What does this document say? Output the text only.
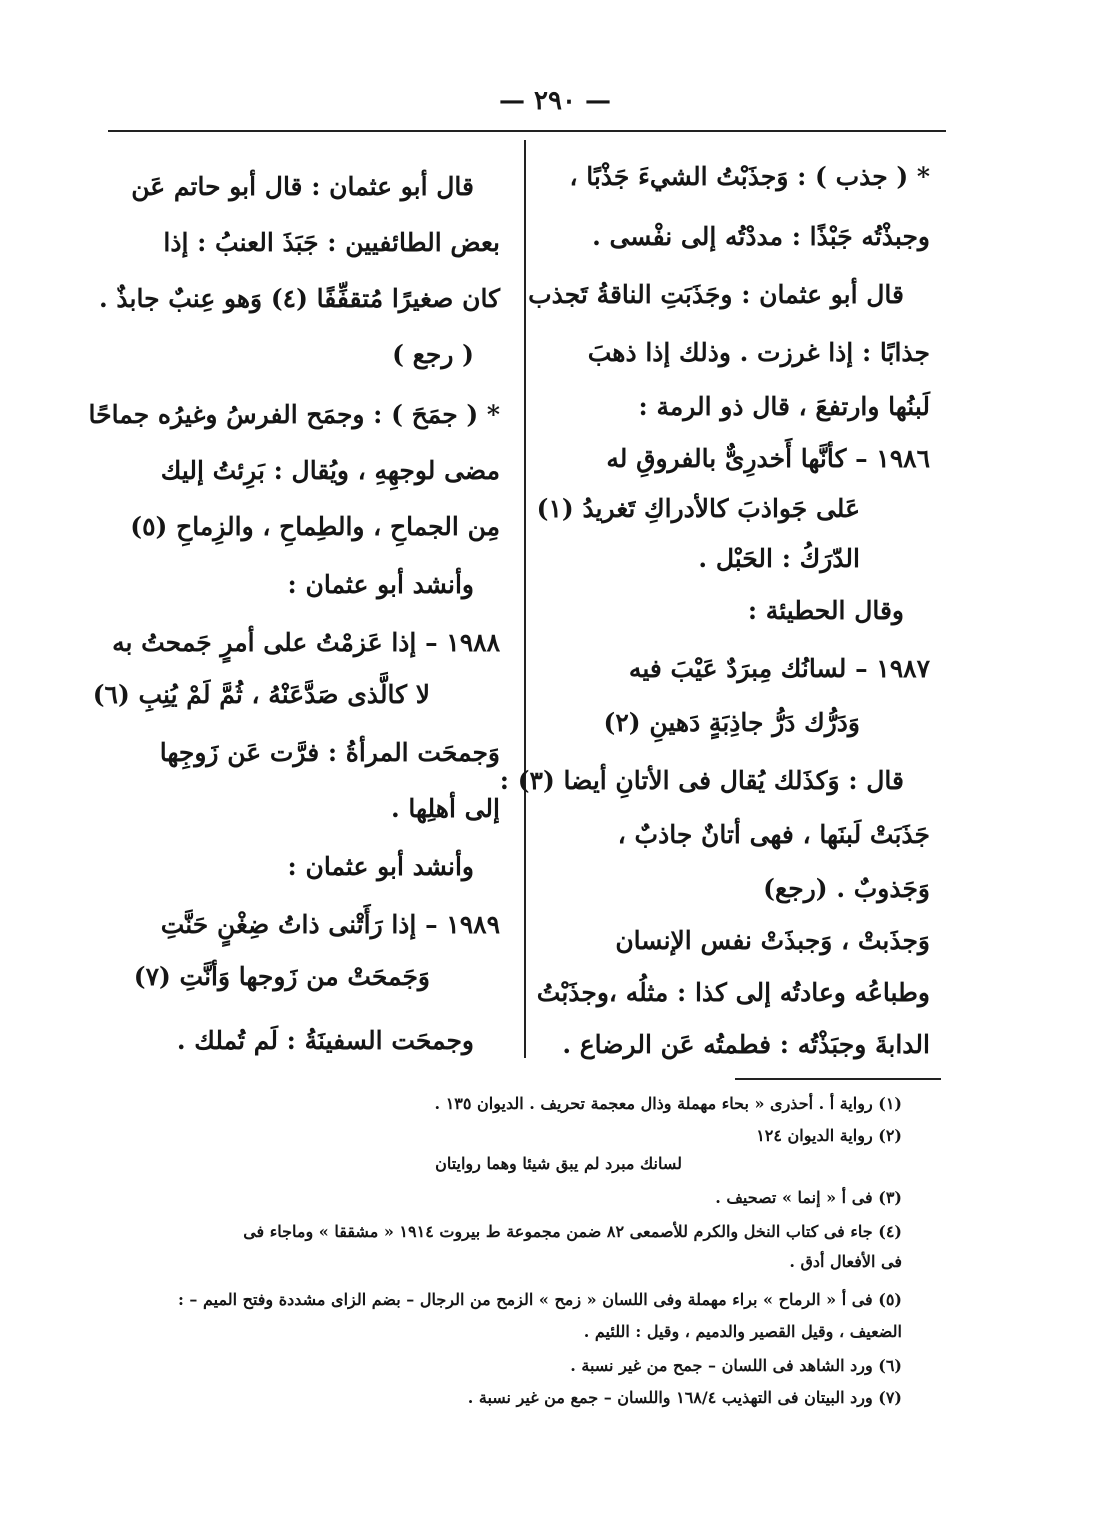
— ٢٩٠ —
* ( جذب ) : وَجذَبْتُ الشيءَ جَذْبًا ،
وجبذْتُه جَبْذًا : مددْتُه إلى نفْسى .
قال أبو عثمان : وجَذَبَتِ الناقةُ تَجذب
جذابًا : إذا غرزت . وذلك إذا ذهبَ
لَبنُها وارتفعَ ، قال ذو الرمة :
١٩٨٦ – كأنَّها أَخدرِىٌّ بالفروقِ له
عَلى جَواذبَ كالأدراكِ تَغريدُ (١)
الدّرَكُ : الحَبْل .
وقال الحطيئة :
١٩٨٧ – لسانُك مِبرَدٌ عَيْبَ فيه
وَدَرُّك دَرُّ جاذِبَةٍ دَهينِ (٢)
قال : وَكذَلك يُقال فى الأتانِ أيضا (٣) :
جَذَبَتْ لَبنَها ، فهى أتانٌ جاذبٌ ،
وَجَذوبٌ . (رجع)
وَجذَبتْ ، وَجبذَتْ نفس الإنسان
وطباعُه وعادتُه إلى كذا : مثلُه ،وجذَبْتُ
الدابةَ وجبَذْتُه : فطمتُه عَن الرضاع .
قال أبو عثمان : قال أبو حاتم عَن
بعض الطائفيين : جَبَذَ العنبُ : إذا
كان صغيرًا مُتقفِّفًا (٤) وَهو عِنبٌ جابذٌ .
( رجع )
* ( جمَحَ ) : وجمَح الفرسُ وغيرُه جماحًا
مضى لوجهِهِ ، ويُقال : بَرِئتُ إليك
مِن الجماحِ ، والطِماحِ ، والزِماحِ (٥)
وأنشد أبو عثمان :
١٩٨٨ – إذا عَزمْتُ على أمرٍ جَمحتُ به
لا كالَّذى صَدَّعَنْهُ ، ثُمَّ لَمْ يُنِبِ (٦)
وَجمحَت المرأةُ : فرَّت عَن زَوجِها
إلى أهلِها .
وأنشد أبو عثمان :
١٩٨٩ – إذا رَأَتْنى ذاتُ ضِغْنٍ حَنَّتِ
وَجَمحَتْ من زَوجها وَأنَّتِ (٧)
وجمحَت السفينَةُ : لَم تُملك .
(١) رواية أ . أحذرى « بحاء مهملة وذال معجمة تحريف . الديوان ١٣٥ .
(٢) رواية الديوان ١٢٤
لسانك مبرد لم يبق شيئا وهما روايتان
(٣) فى أ « إنما » تصحيف .
(٤) جاء فى كتاب النخل والكرم للأصمعى ٨٢ ضمن مجموعة ط بيروت ١٩١٤ « مشققا » وماجاء فى
فى الأفعال أدق .
(٥) فى أ « الرماح » براء مهملة وفى اللسان « زمح » الزمح من الرجال – بضم الزاى مشددة وفتح الميم – :
الضعيف ، وقيل القصير والدميم ، وقيل : اللئيم .
(٦) ورد الشاهد فى اللسان – جمح من غير نسبة .
(٧) ورد البيتان فى التهذيب ١٦٨/٤ واللسان – جمع من غير نسبة .
